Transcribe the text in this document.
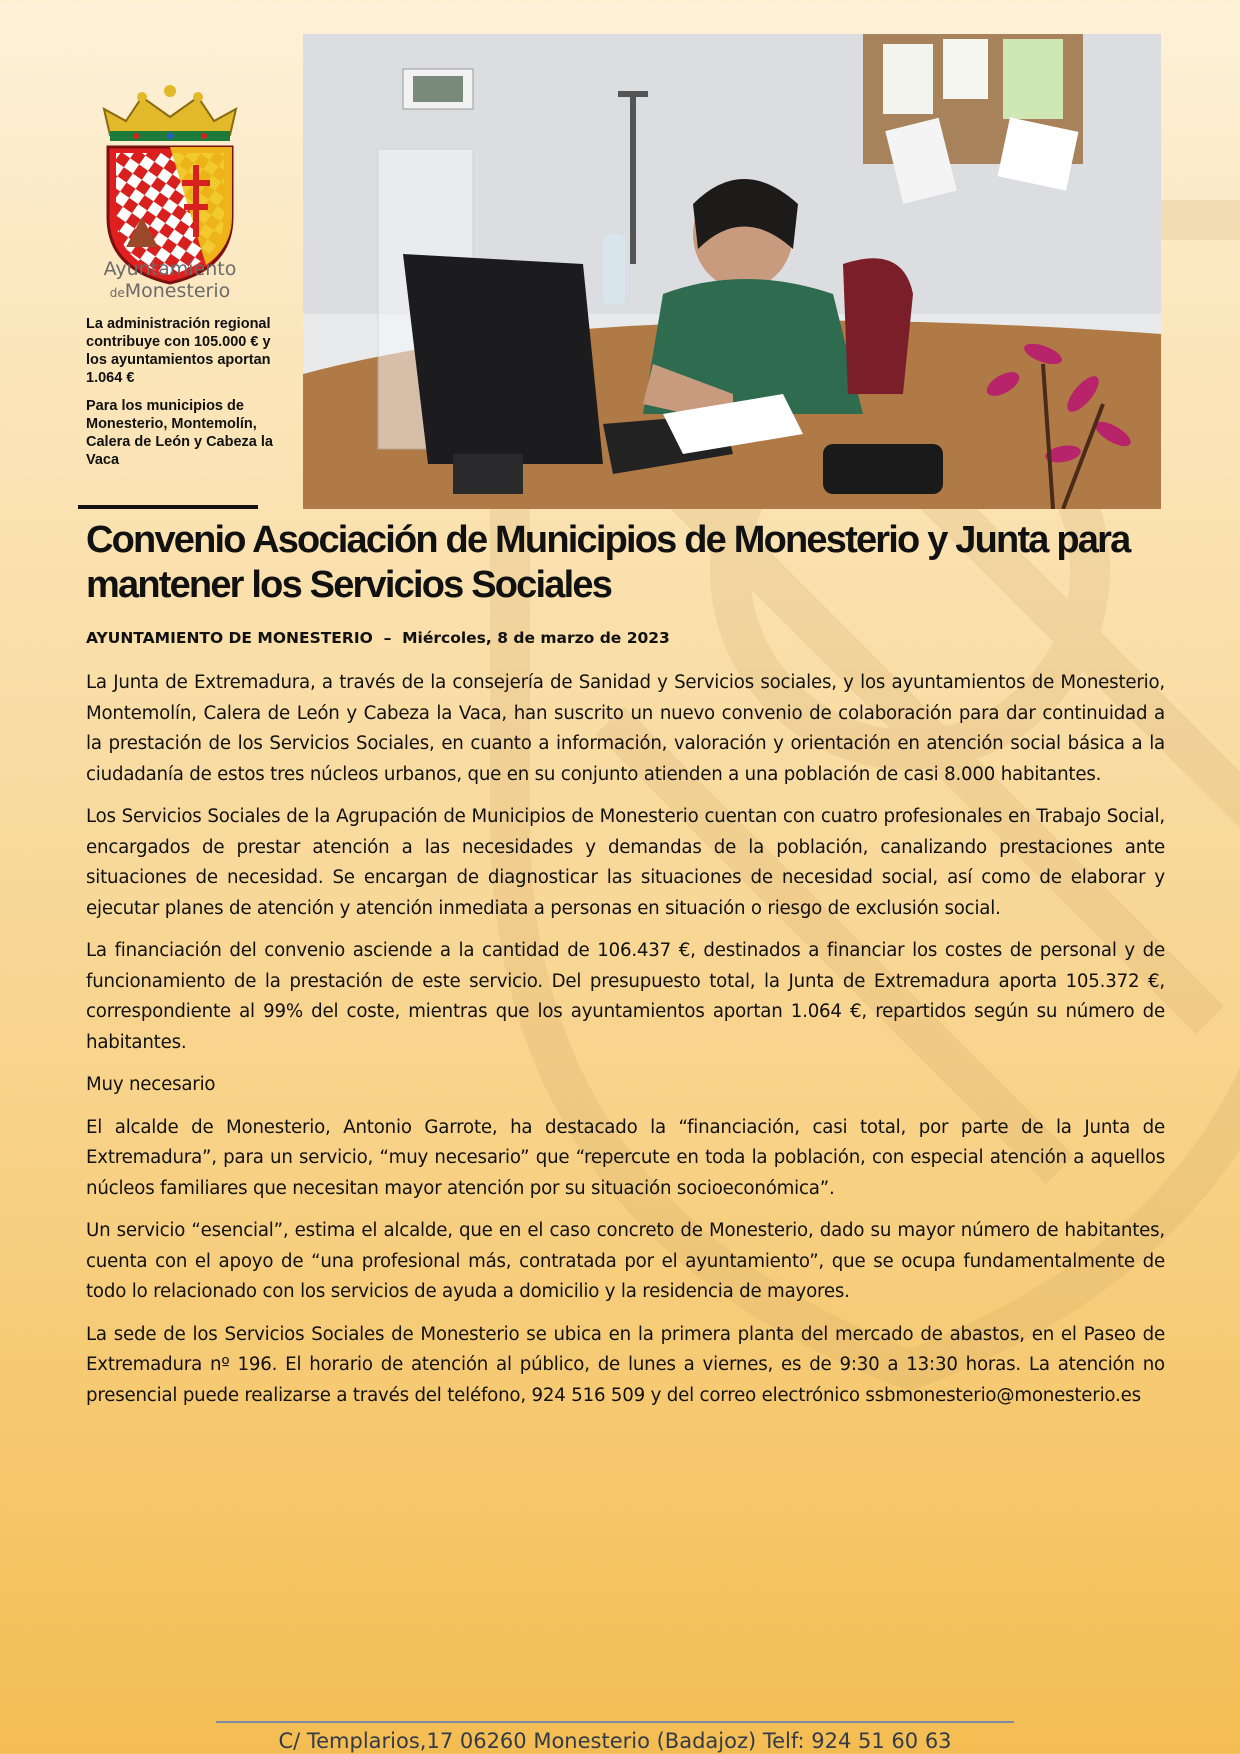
Ayuntamiento
deMonesterio

La administración regional contribuye con 105.000 € y los ayuntamientos aportan 1.064 €

Para los municipios de Monesterio, Montemolín, Calera de León y Cabeza la Vaca

Convenio Asociación de Municipios de Monesterio y Junta para mantener los Servicios Sociales
AYUNTAMIENTO DE MONESTERIO – Miércoles, 8 de marzo de 2023

La Junta de Extremadura, a través de la consejería de Sanidad y Servicios sociales, y los ayuntamientos de Monesterio, Montemolín, Calera de León y Cabeza la Vaca, han suscrito un nuevo convenio de colaboración para dar continuidad a la prestación de los Servicios Sociales, en cuanto a información, valoración y orientación en atención social básica a la ciudadanía de estos tres núcleos urbanos, que en su conjunto atienden a una población de casi 8.000 habitantes.

Los Servicios Sociales de la Agrupación de Municipios de Monesterio cuentan con cuatro profesionales en Trabajo Social, encargados de prestar atención a las necesidades y demandas de la población, canalizando prestaciones ante situaciones de necesidad. Se encargan de diagnosticar las situaciones de necesidad social, así como de elaborar y ejecutar planes de atención y atención inmediata a personas en situación o riesgo de exclusión social.

La financiación del convenio asciende a la cantidad de 106.437 €, destinados a financiar los costes de personal y de funcionamiento de la prestación de este servicio. Del presupuesto total, la Junta de Extremadura aporta 105.372 €, correspondiente al 99% del coste, mientras que los ayuntamientos aportan 1.064 €, repartidos según su número de habitantes.

Muy necesario

El alcalde de Monesterio, Antonio Garrote, ha destacado la “financiación, casi total, por parte de la Junta de Extremadura”, para un servicio, “muy necesario” que “repercute en toda la población, con especial atención a aquellos núcleos familiares que necesitan mayor atención por su situación socioeconómica”.

Un servicio “esencial”, estima el alcalde, que en el caso concreto de Monesterio, dado su mayor número de habitantes, cuenta con el apoyo de “una profesional más, contratada por el ayuntamiento”, que se ocupa fundamentalmente de todo lo relacionado con los servicios de ayuda a domicilio y la residencia de mayores.

La sede de los Servicios Sociales de Monesterio se ubica en la primera planta del mercado de abastos, en el Paseo de Extremadura nº 196. El horario de atención al público, de lunes a viernes, es de 9:30 a 13:30 horas. La atención no presencial puede realizarse a través del teléfono, 924 516 509 y del correo electrónico ssbmonesterio@monesterio.es

C/ Templarios,17 06260 Monesterio (Badajoz) Telf: 924 51 60 63
